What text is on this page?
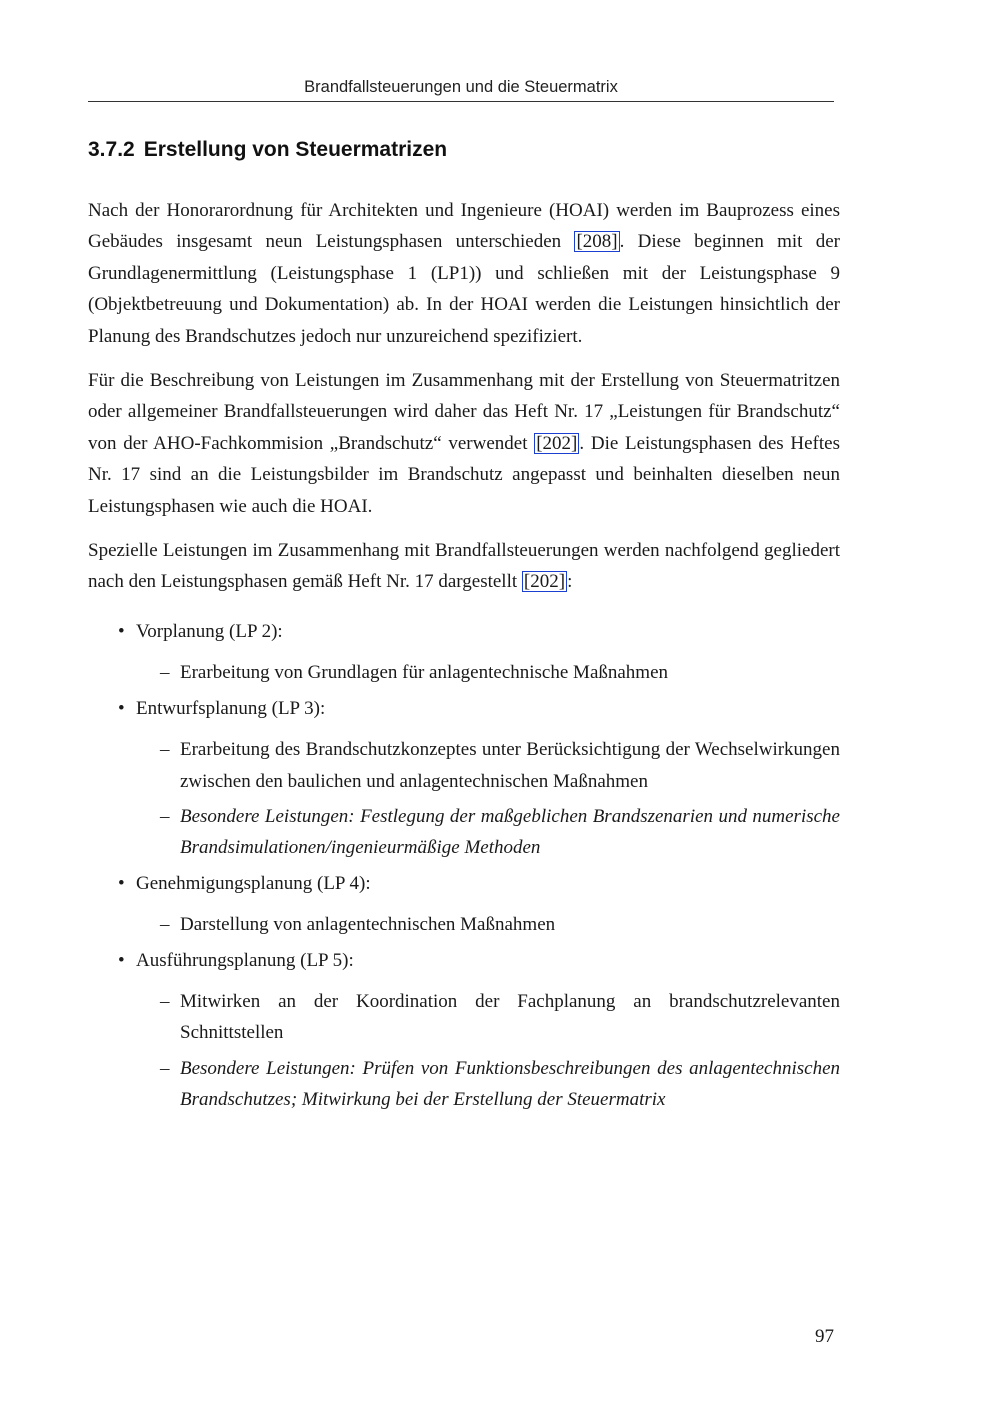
Brandfallsteuerungen und die Steuermatrix
3.7.2 Erstellung von Steuermatrizen

Nach der Honorarordnung für Architekten und Ingenieure (HOAI) werden im Bauprozess eines Gebäudes insgesamt neun Leistungsphasen unterschieden [208] . Diese beginnen mit der Grundlagenermittlung (Leistungsphase 1 (LP1)) und schließen mit der Leistungsphase 9 (Objektbetreuung und Dokumentation) ab. In der HOAI werden die Leistungen hinsichtlich der Planung des Brandschutzes jedoch nur unzureichend spezifiziert.

Für die Beschreibung von Leistungen im Zusammenhang mit der Erstellung von Steuermatritzen oder allgemeiner Brandfallsteuerungen wird daher das Heft Nr. 17 „Leistungen für Brandschutz“ von der AHO-Fachkommision „Brandschutz“ verwendet [202] . Die Leistungsphasen des Heftes Nr. 17 sind an die Leistungsbilder im Brandschutz angepasst und beinhalten dieselben neun Leistungsphasen wie auch die HOAI.

Spezielle Leistungen im Zusammenhang mit Brandfallsteuerungen werden nachfolgend gegliedert nach den Leistungsphasen gemäß Heft Nr. 17 dargestellt [202] :

• Vorplanung (LP 2):
– Erarbeitung von Grundlagen für anlagentechnische Maßnahmen
• Entwurfsplanung (LP 3):
– Erarbeitung des Brandschutzkonzeptes unter Berücksichtigung der Wechselwirkungen zwischen den baulichen und anlagentechnischen Maßnahmen
– Besondere Leistungen: Festlegung der maßgeblichen Brandszenarien und numerische Brandsimulationen/ingenieurmäßige Methoden
• Genehmigungsplanung (LP 4):
– Darstellung von anlagentechnischen Maßnahmen
• Ausführungsplanung (LP 5):
– Mitwirken an der Koordination der Fachplanung an brandschutzrelevanten Schnittstellen
– Besondere Leistungen: Prüfen von Funktionsbeschreibungen des anlagentechnischen Brandschutzes; Mitwirkung bei der Erstellung der Steuermatrix
97
